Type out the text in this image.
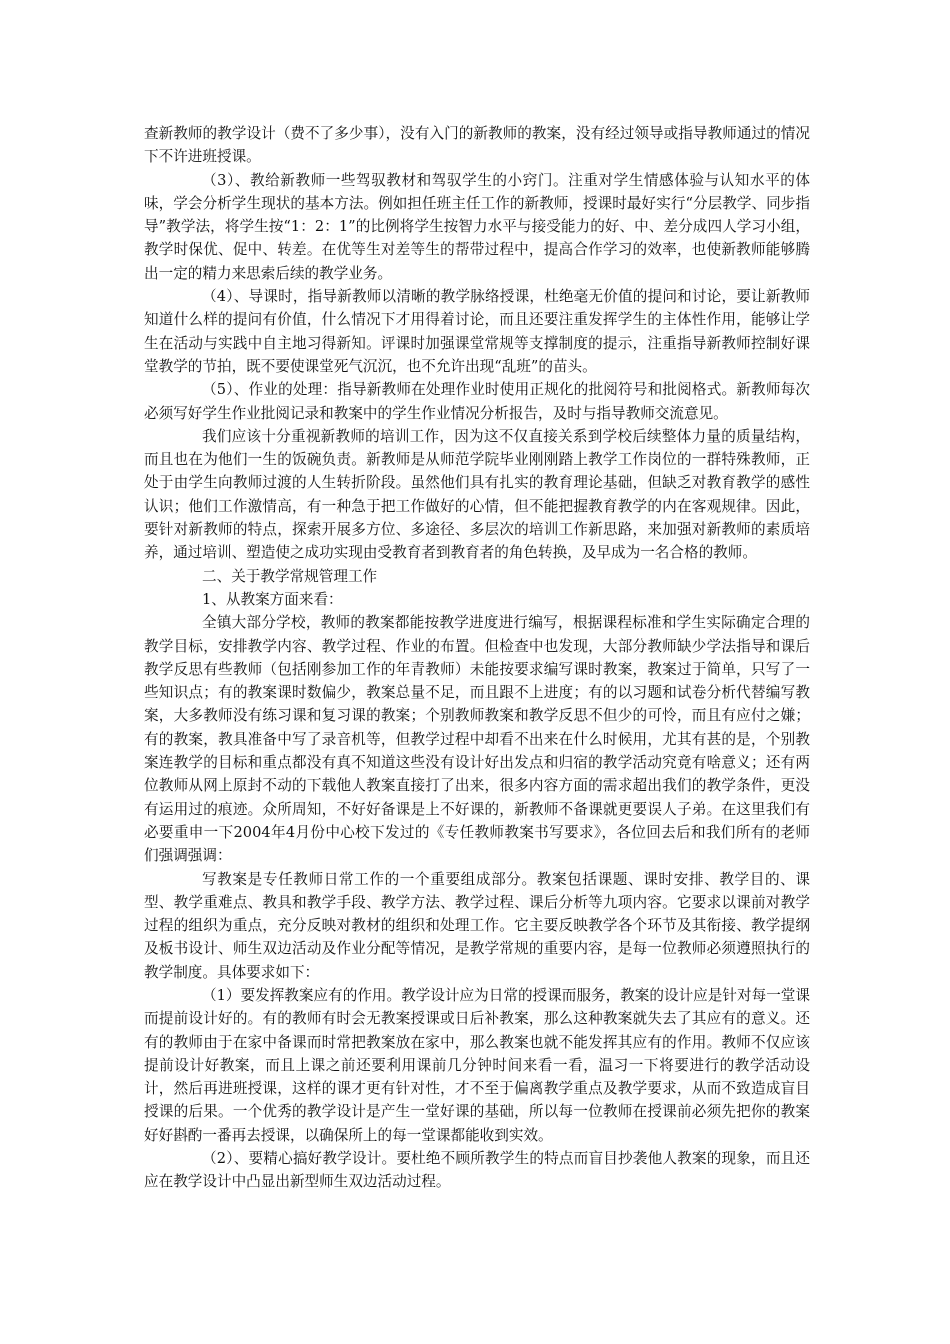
查新教师的教学设计（费不了多少事），没有入门的新教师的教案，没有经过领导或指导教师通过的情况下不许进班授课。

（3）、教给新教师一些驾驭教材和驾驭学生的小窍门。注重对学生情感体验与认知水平的体味，学会分析学生现状的基本方法。例如担任班主任工作的新教师，授课时最好实行“分层教学、同步指导”教学法，将学生按“1：2：1”的比例将学生按智力水平与接受能力的好、中、差分成四人学习小组，教学时保优、促中、转差。在优等生对差等生的帮带过程中，提高合作学习的效率，也使新教师能够腾出一定的精力来思索后续的教学业务。

（4）、导课时，指导新教师以清晰的教学脉络授课，杜绝毫无价值的提问和讨论，要让新教师知道什么样的提问有价值，什么情况下才用得着讨论，而且还要注重发挥学生的主体性作用，能够让学生在活动与实践中自主地习得新知。评课时加强课堂常规等支撑制度的提示，注重指导新教师控制好课堂教学的节拍，既不要使课堂死气沉沉，也不允许出现“乱班”的苗头。

（5）、作业的处理：指导新教师在处理作业时使用正规化的批阅符号和批阅格式。新教师每次必须写好学生作业批阅记录和教案中的学生作业情况分析报告，及时与指导教师交流意见。

我们应该十分重视新教师的培训工作，因为这不仅直接关系到学校后续整体力量的质量结构，而且也在为他们一生的饭碗负责。新教师是从师范学院毕业刚刚踏上教学工作岗位的一群特殊教师，正处于由学生向教师过渡的人生转折阶段。虽然他们具有扎实的教育理论基础，但缺乏对教育教学的感性认识；他们工作激情高，有一种急于把工作做好的心情，但不能把握教育教学的内在客观规律。因此，要针对新教师的特点，探索开展多方位、多途径、多层次的培训工作新思路，来加强对新教师的素质培养，通过培训、塑造使之成功实现由受教育者到教育者的角色转换，及早成为一名合格的教师。

二、关于教学常规管理工作

1、从教案方面来看：

全镇大部分学校，教师的教案都能按教学进度进行编写，根据课程标准和学生实际确定合理的教学目标，安排教学内容、教学过程、作业的布置。但检查中也发现，大部分教师缺少学法指导和课后教学反思有些教师（包括刚参加工作的年青教师）未能按要求编写课时教案，教案过于简单，只写了一些知识点；有的教案课时数偏少，教案总量不足，而且跟不上进度；有的以习题和试卷分析代替编写教案，大多教师没有练习课和复习课的教案；个别教师教案和教学反思不但少的可怜，而且有应付之嫌；有的教案，教具准备中写了录音机等，但教学过程中却看不出来在什么时候用，尤其有甚的是，个别教案连教学的目标和重点都没有真不知道这些没有设计好出发点和归宿的教学活动究竟有啥意义；还有两位教师从网上原封不动的下载他人教案直接打了出来，很多内容方面的需求超出我们的教学条件，更没有运用过的痕迹。众所周知，不好好备课是上不好课的，新教师不备课就更要误人子弟。在这里我们有必要重申一下2004年4月份中心校下发过的《专任教师教案书写要求》，各位回去后和我们所有的老师们强调强调：

写教案是专任教师日常工作的一个重要组成部分。教案包括课题、课时安排、教学目的、课型、教学重难点、教具和教学手段、教学方法、教学过程、课后分析等九项内容。它要求以课前对教学过程的组织为重点，充分反映对教材的组织和处理工作。它主要反映教学各个环节及其衔接、教学提纲及板书设计、师生双边活动及作业分配等情况，是教学常规的重要内容，是每一位教师必须遵照执行的教学制度。具体要求如下：

（1）要发挥教案应有的作用。教学设计应为日常的授课而服务，教案的设计应是针对每一堂课而提前设计好的。有的教师有时会无教案授课或日后补教案，那么这种教案就失去了其应有的意义。还有的教师由于在家中备课而时常把教案放在家中，那么教案也就不能发挥其应有的作用。教师不仅应该提前设计好教案，而且上课之前还要利用课前几分钟时间来看一看，温习一下将要进行的教学活动设计，然后再进班授课，这样的课才更有针对性，才不至于偏离教学重点及教学要求，从而不致造成盲目授课的后果。一个优秀的教学设计是产生一堂好课的基础，所以每一位教师在授课前必须先把你的教案好好斟酌一番再去授课，以确保所上的每一堂课都能收到实效。

（2）、要精心搞好教学设计。要杜绝不顾所教学生的特点而盲目抄袭他人教案的现象，而且还应在教学设计中凸显出新型师生双边活动过程。
